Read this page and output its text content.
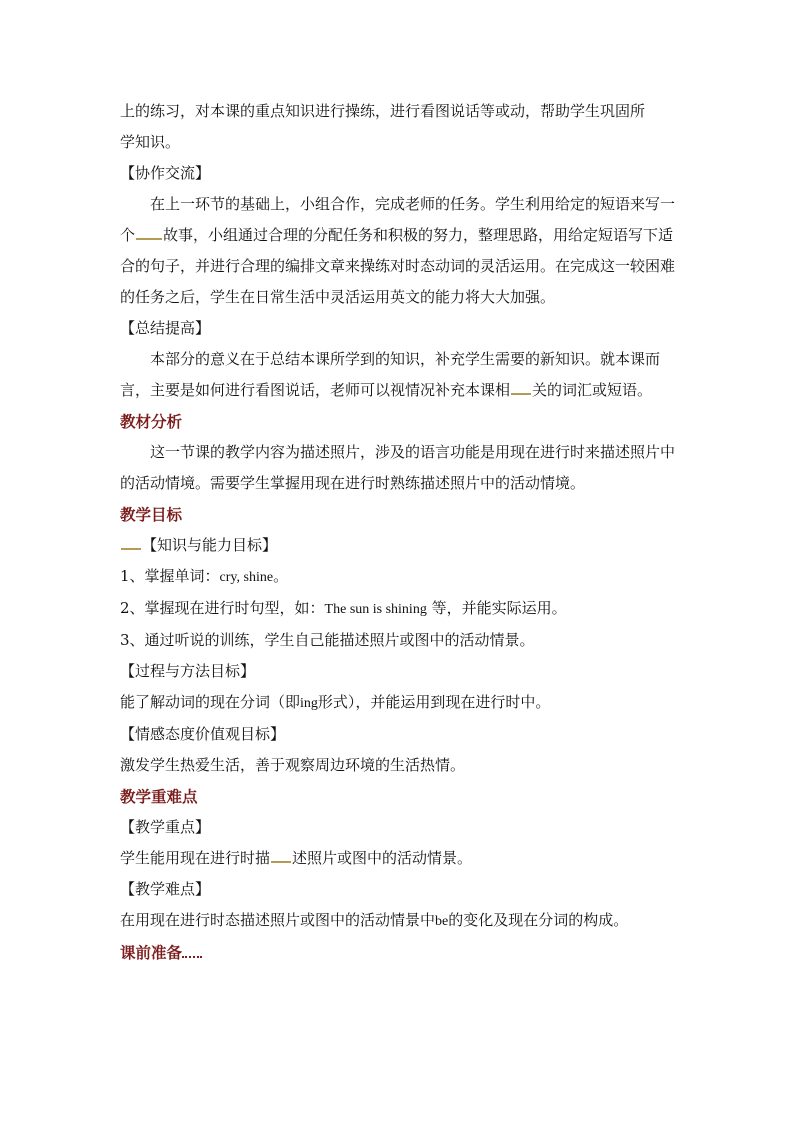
上的练习，对本课的重点知识进行操练，进行看图说话等或动，帮助学生巩固所
学知识。

【协作交流】

在上一环节的基础上，小组合作，完成老师的任务。学生利用给定的短语来写一个 故事，小组通过合理的分配任务和积极的努力，整理思路，用给定短语写下适合的句子，并进行合理的编排文章来操练对时态动词的灵活运用。在完成这一较困难的任务之后，学生在日常生活中灵活运用英文的能力将大大加强。

【总结提高】

本部分的意义在于总结本课所学到的知识，补充学生需要的新知识。就本课而言，主要是如何进行看图说话，老师可以视情况补充本课相 关的词汇或短语。

教材分析

这一节课的教学内容为描述照片，涉及的语言功能是用现在进行时来描述照片中的活动情境。需要学生掌握用现在进行时熟练描述照片中的活动情境。

教学目标

【知识与能力目标】

1、掌握单词：cry, shine。

2、掌握现在进行时句型，如：The sun is shining 等，并能实际运用。

3、通过听说的训练，学生自己能描述照片或图中的活动情景。

【过程与方法目标】

能了解动词的现在分词（即ing形式），并能运用到现在进行时中。

【情感态度价值观目标】

激发学生热爱生活，善于观察周边环境的生活热情。

教学重难点

【教学重点】

学生能用现在进行时描 述照片或图中的活动情景。

【教学难点】

在用现在进行时态描述照片或图中的活动情景中be的变化及现在分词的构成。

课前准备
